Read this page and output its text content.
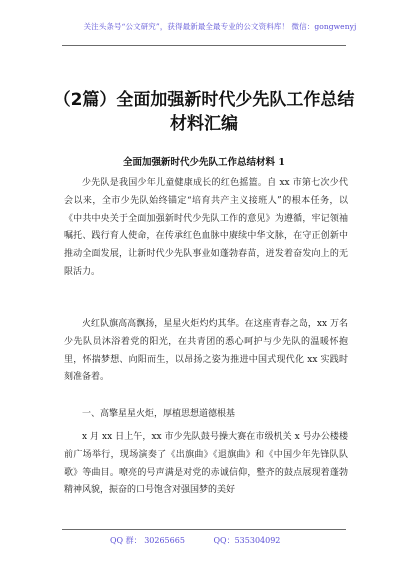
关注头条号“公文研究”，获得最新最全最专业的公文资料库！ 微信：gongwenyj
（2篇）全面加强新时代少先队工作总结
材料汇编
全面加强新时代少先队工作总结材料 1

少先队是我国少年儿童健康成长的红色摇篮。自 xx 市第七次少代会以来，全市少先队始终锚定“培育共产主义接班人”的根本任务，以《中共中央关于全面加强新时代少先队工作的意见》为遵循，牢记领袖嘱托、践行育人使命，在传承红色血脉中赓续中华文脉，在守正创新中推动全面发展，让新时代少先队事业如蓬勃春苗，迸发着奋发向上的无限活力。

火红队旗高高飘扬，星星火炬灼灼其华。在这座青春之岛，xx 万名少先队员沐浴着党的阳光，在共青团的悉心呵护与少先队的温暖怀抱里，怀揣梦想、向阳而生，以昂扬之姿为推进中国式现代化 xx 实践时刻准备着。

一、高擎星星火炬，厚植思想道德根基

x 月 xx 日上午，xx 市少先队鼓号操大赛在市级机关 x 号办公楼楼前广场举行，现场演奏了《出旗曲》《退旗曲》和《中国少年先锋队队歌》等曲目。嘹亮的号声满是对党的赤诚信仰，整齐的鼓点展现着蓬勃精神风貌，振奋的口号饱含对强国梦的美好

QQ 群： 30265665	QQ：535304092
